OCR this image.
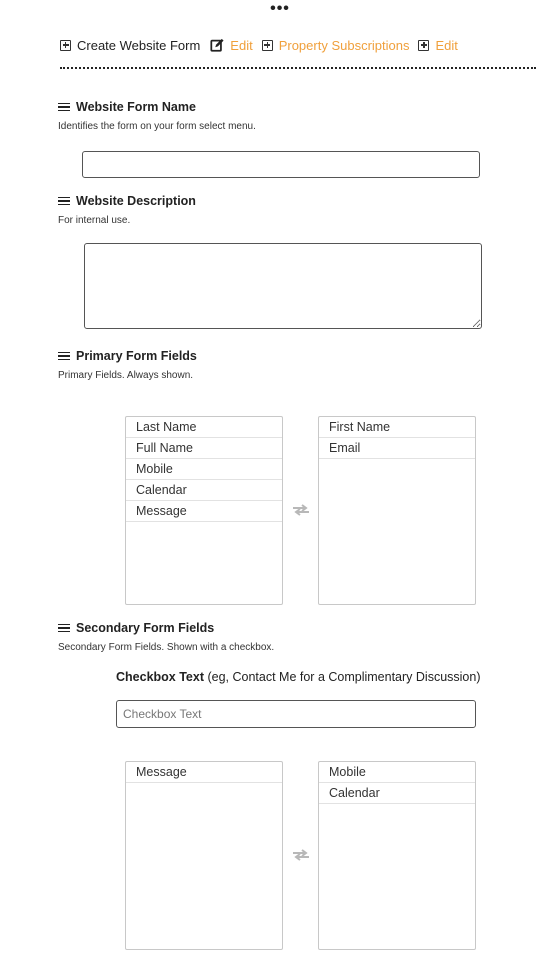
•••
Create Website Form Edit Property Subscriptions Edit
Website Form Name
Identifies the form on your form select menu.
Website Description
For internal use.
Primary Form Fields
Primary Fields. Always shown.
Last Name
Full Name
Mobile
Calendar
Message
First Name
Email
Secondary Form Fields
Secondary Form Fields. Shown with a checkbox.
Checkbox Text (eg, Contact Me for a Complimentary Discussion)
Checkbox Text
Message	Mobile
Calendar
